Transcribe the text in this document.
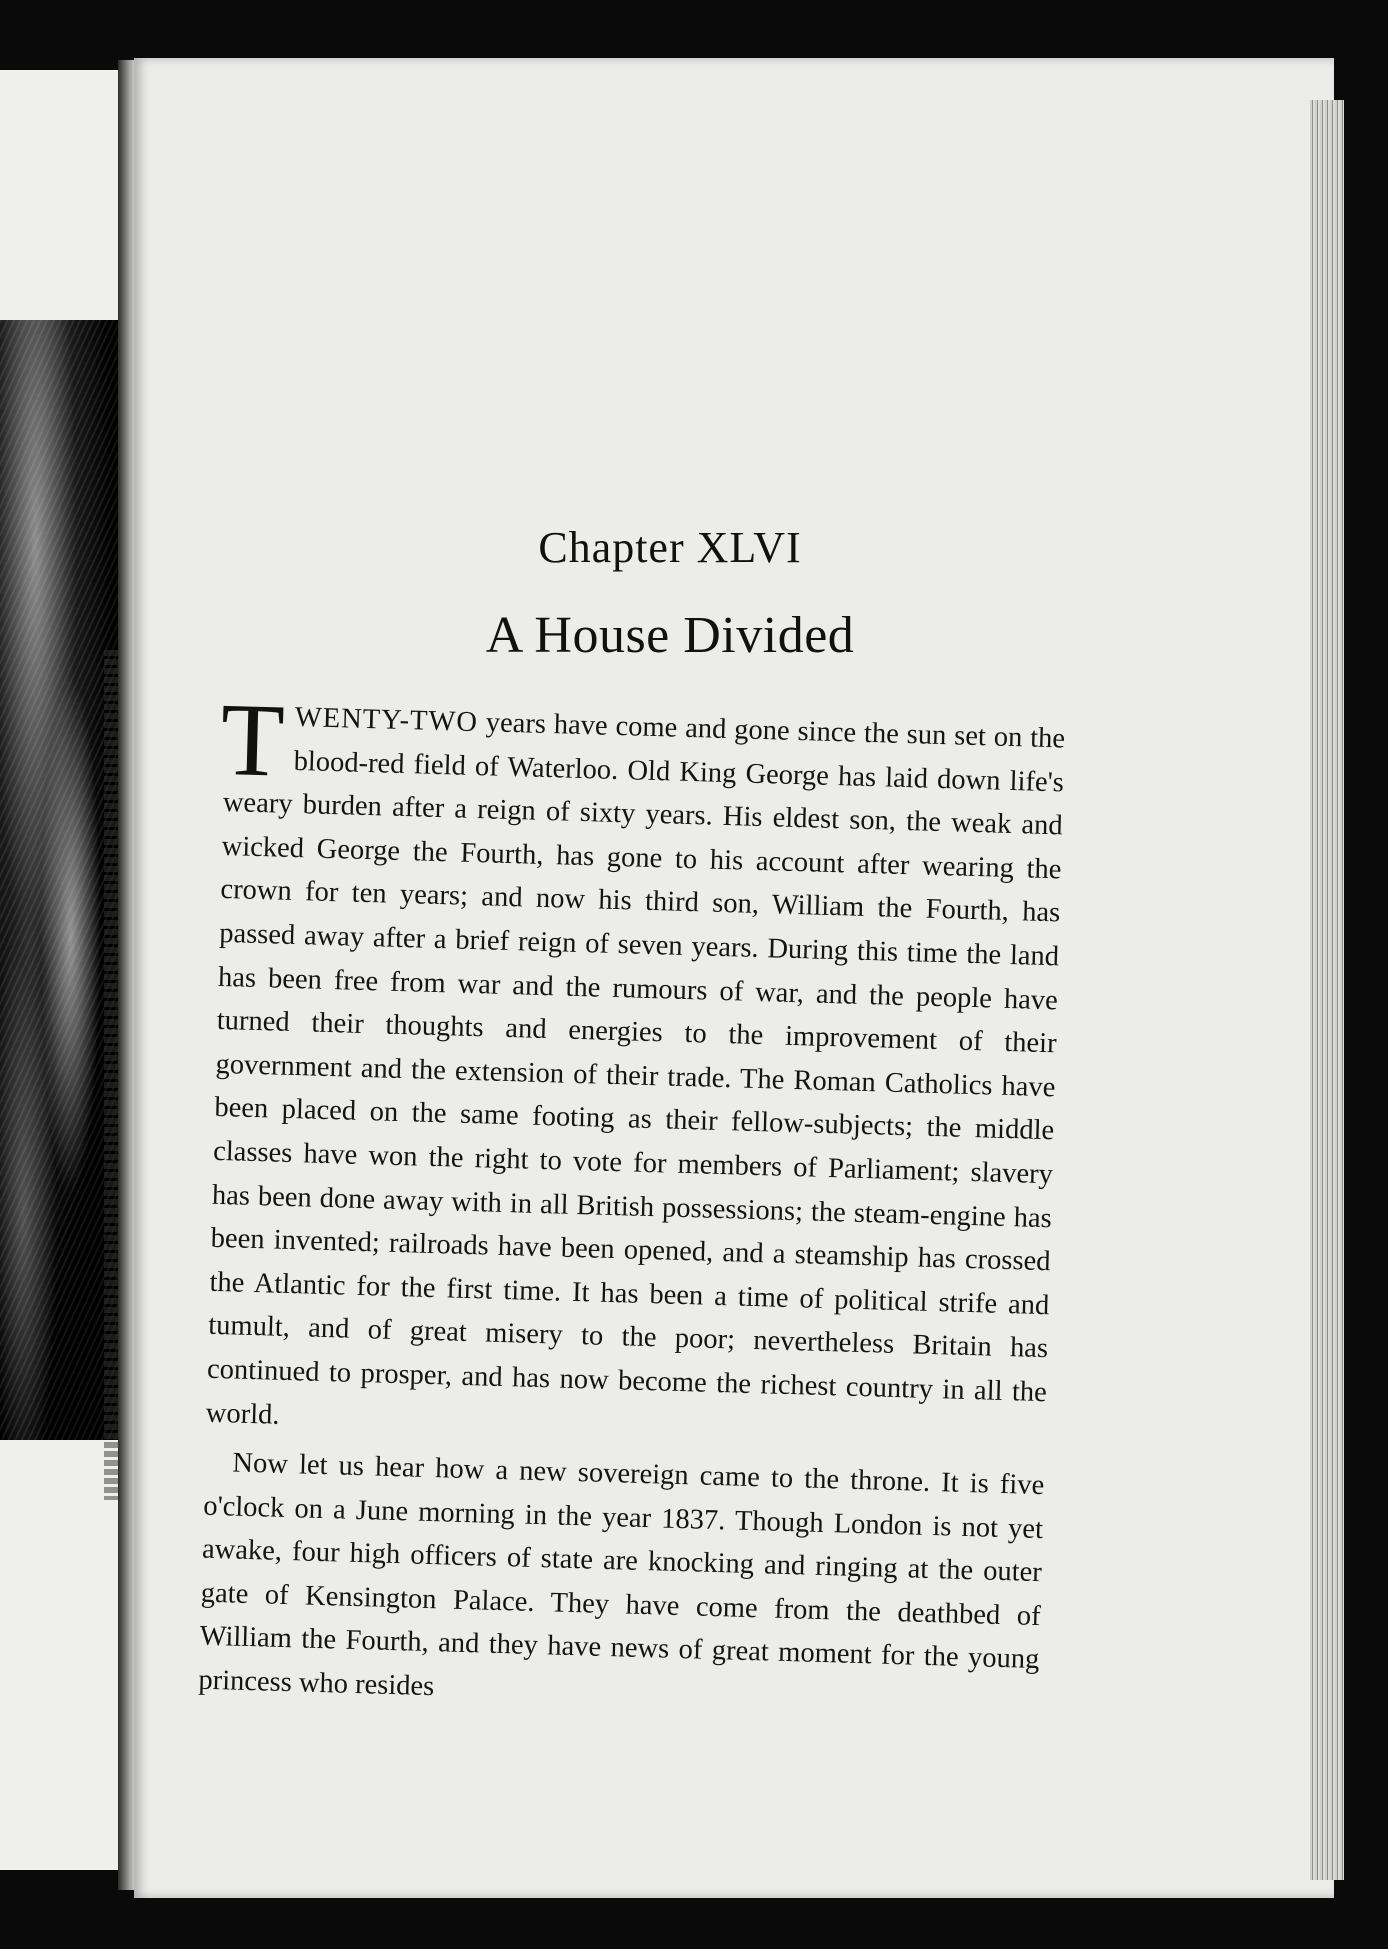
Chapter XLVI
A House Divided

TWENTY-TWO years have come and gone since the sun set on the blood-red field of Waterloo. Old King George has laid down life's weary burden after a reign of sixty years. His eldest son, the weak and wicked George the Fourth, has gone to his account after wearing the crown for ten years; and now his third son, William the Fourth, has passed away after a brief reign of seven years. During this time the land has been free from war and the rumours of war, and the people have turned their thoughts and energies to the improvement of their government and the extension of their trade. The Roman Catholics have been placed on the same footing as their fellow-subjects; the middle classes have won the right to vote for members of Parliament; slavery has been done away with in all British possessions; the steam-engine has been invented; railroads have been opened, and a steamship has crossed the Atlantic for the first time. It has been a time of political strife and tumult, and of great misery to the poor; nevertheless Britain has continued to prosper, and has now become the richest country in all the world.

Now let us hear how a new sovereign came to the throne. It is five o'clock on a June morning in the year 1837. Though London is not yet awake, four high officers of state are knocking and ringing at the outer gate of Kensington Palace. They have come from the deathbed of William the Fourth, and they have news of great moment for the young princess who resides
